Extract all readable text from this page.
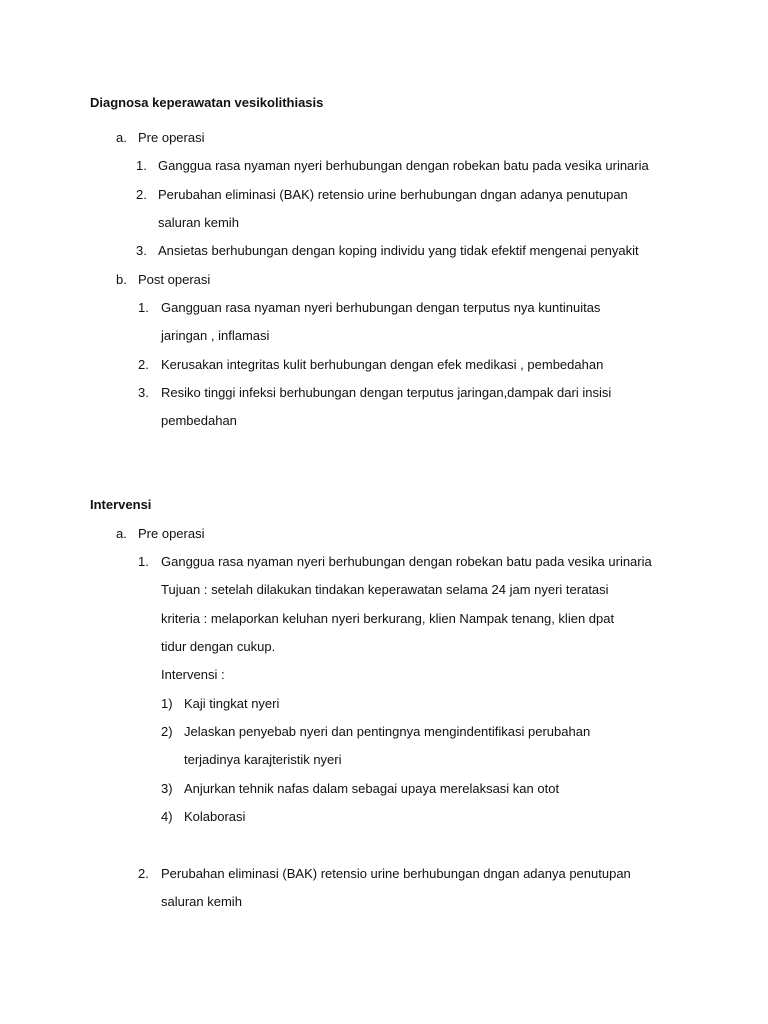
Diagnosa keperawatan vesikolithiasis
a. Pre operasi
1. Ganggua rasa nyaman nyeri berhubungan dengan robekan batu pada vesika urinaria
2. Perubahan eliminasi (BAK) retensio urine berhubungan dngan adanya penutupan
saluran kemih
3. Ansietas berhubungan dengan koping individu yang tidak efektif mengenai penyakit
b. Post operasi
1. Gangguan rasa nyaman nyeri berhubungan dengan terputus nya kuntinuitas
jaringan , inflamasi
2. Kerusakan integritas kulit berhubungan dengan efek medikasi , pembedahan
3. Resiko tinggi infeksi berhubungan dengan terputus jaringan,dampak dari insisi
pembedahan
Intervensi
a. Pre operasi
1. Ganggua rasa nyaman nyeri berhubungan dengan robekan batu pada vesika urinaria
Tujuan : setelah dilakukan tindakan keperawatan selama 24 jam nyeri teratasi
kriteria : melaporkan keluhan nyeri berkurang, klien Nampak tenang, klien dpat
tidur dengan cukup.
Intervensi :
1) Kaji tingkat nyeri
2) Jelaskan penyebab nyeri dan pentingnya mengindentifikasi perubahan
terjadinya karajteristik nyeri
3) Anjurkan tehnik nafas dalam sebagai upaya merelaksasi kan otot
4) Kolaborasi
2. Perubahan eliminasi (BAK) retensio urine berhubungan dngan adanya penutupan
saluran kemih
